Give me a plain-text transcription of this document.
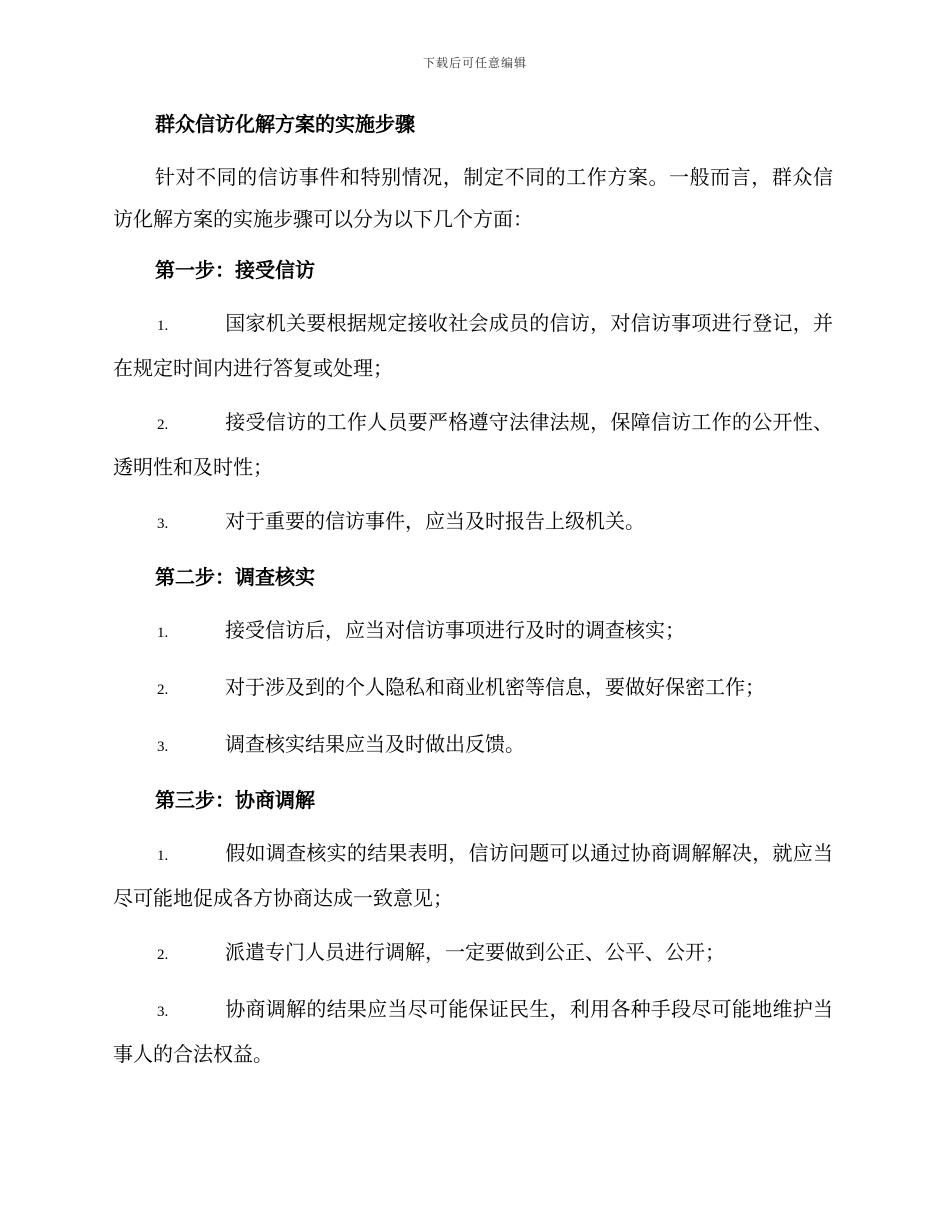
下载后可任意编辑
群众信访化解方案的实施步骤

针对不同的信访事件和特别情况，制定不同的工作方案。一般而言，群众信访化解方案的实施步骤可以分为以下几个方面：

第一步：接受信访

1.	国家机关要根据规定接收社会成员的信访，对信访事项进行登记，并在规定时间内进行答复或处理；

2.	接受信访的工作人员要严格遵守法律法规，保障信访工作的公开性、透明性和及时性；

3.	对于重要的信访事件，应当及时报告上级机关。

第二步：调查核实

1.	接受信访后，应当对信访事项进行及时的调查核实；

2.	对于涉及到的个人隐私和商业机密等信息，要做好保密工作；

3.	调查核实结果应当及时做出反馈。

第三步：协商调解

1.	假如调查核实的结果表明，信访问题可以通过协商调解解决，就应当尽可能地促成各方协商达成一致意见；

2.	派遣专门人员进行调解，一定要做到公正、公平、公开；

3.	协商调解的结果应当尽可能保证民生，利用各种手段尽可能地维护当事人的合法权益。
